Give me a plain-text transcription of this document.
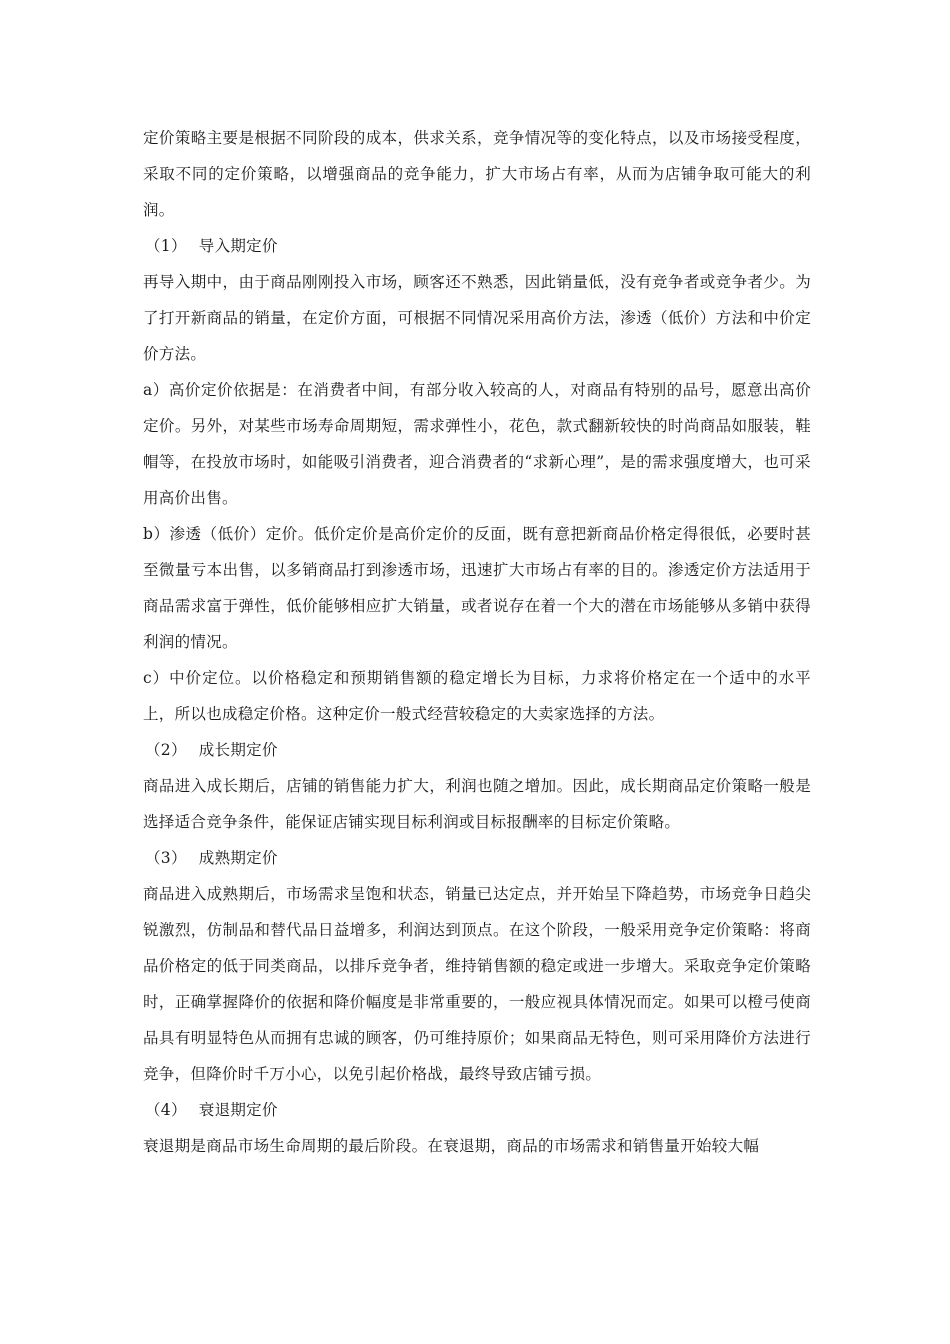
定价策略主要是根据不同阶段的成本，供求关系，竞争情况等的变化特点，以及市场接受程度，采取不同的定价策略，以增强商品的竞争能力，扩大市场占有率，从而为店铺争取可能大的利润。

（1） 导入期定价

再导入期中，由于商品刚刚投入市场，顾客还不熟悉，因此销量低，没有竞争者或竞争者少。为了打开新商品的销量，在定价方面，可根据不同情况采用高价方法，渗透（低价）方法和中价定价方法。

a）高价定价依据是：在消费者中间，有部分收入较高的人，对商品有特别的品号，愿意出高价定价。另外，对某些市场寿命周期短，需求弹性小，花色，款式翻新较快的时尚商品如服装，鞋帽等，在投放市场时，如能吸引消费者，迎合消费者的“求新心理”，是的需求强度增大，也可采用高价出售。

b）渗透（低价）定价。低价定价是高价定价的反面，既有意把新商品价格定得很低，必要时甚至微量亏本出售，以多销商品打到渗透市场，迅速扩大市场占有率的目的。渗透定价方法适用于商品需求富于弹性，低价能够相应扩大销量，或者说存在着一个大的潜在市场能够从多销中获得利润的情况。

c）中价定位。以价格稳定和预期销售额的稳定增长为目标，力求将价格定在一个适中的水平上，所以也成稳定价格。这种定价一般式经营较稳定的大卖家选择的方法。

（2） 成长期定价

商品进入成长期后，店铺的销售能力扩大，利润也随之增加。因此，成长期商品定价策略一般是选择适合竞争条件，能保证店铺实现目标利润或目标报酬率的目标定价策略。

（3） 成熟期定价

商品进入成熟期后，市场需求呈饱和状态，销量已达定点，并开始呈下降趋势，市场竞争日趋尖锐激烈，仿制品和替代品日益增多，利润达到顶点。在这个阶段，一般采用竞争定价策略：将商品价格定的低于同类商品，以排斥竞争者，维持销售额的稳定或进一步增大。采取竞争定价策略时，正确掌握降价的依据和降价幅度是非常重要的，一般应视具体情况而定。如果可以橙弓使商品具有明显特色从而拥有忠诚的顾客，仍可维持原价；如果商品无特色，则可采用降价方法进行竞争，但降价时千万小心，以免引起价格战，最终导致店铺亏损。

（4） 衰退期定价

衰退期是商品市场生命周期的最后阶段。在衰退期，商品的市场需求和销售量开始较大幅
